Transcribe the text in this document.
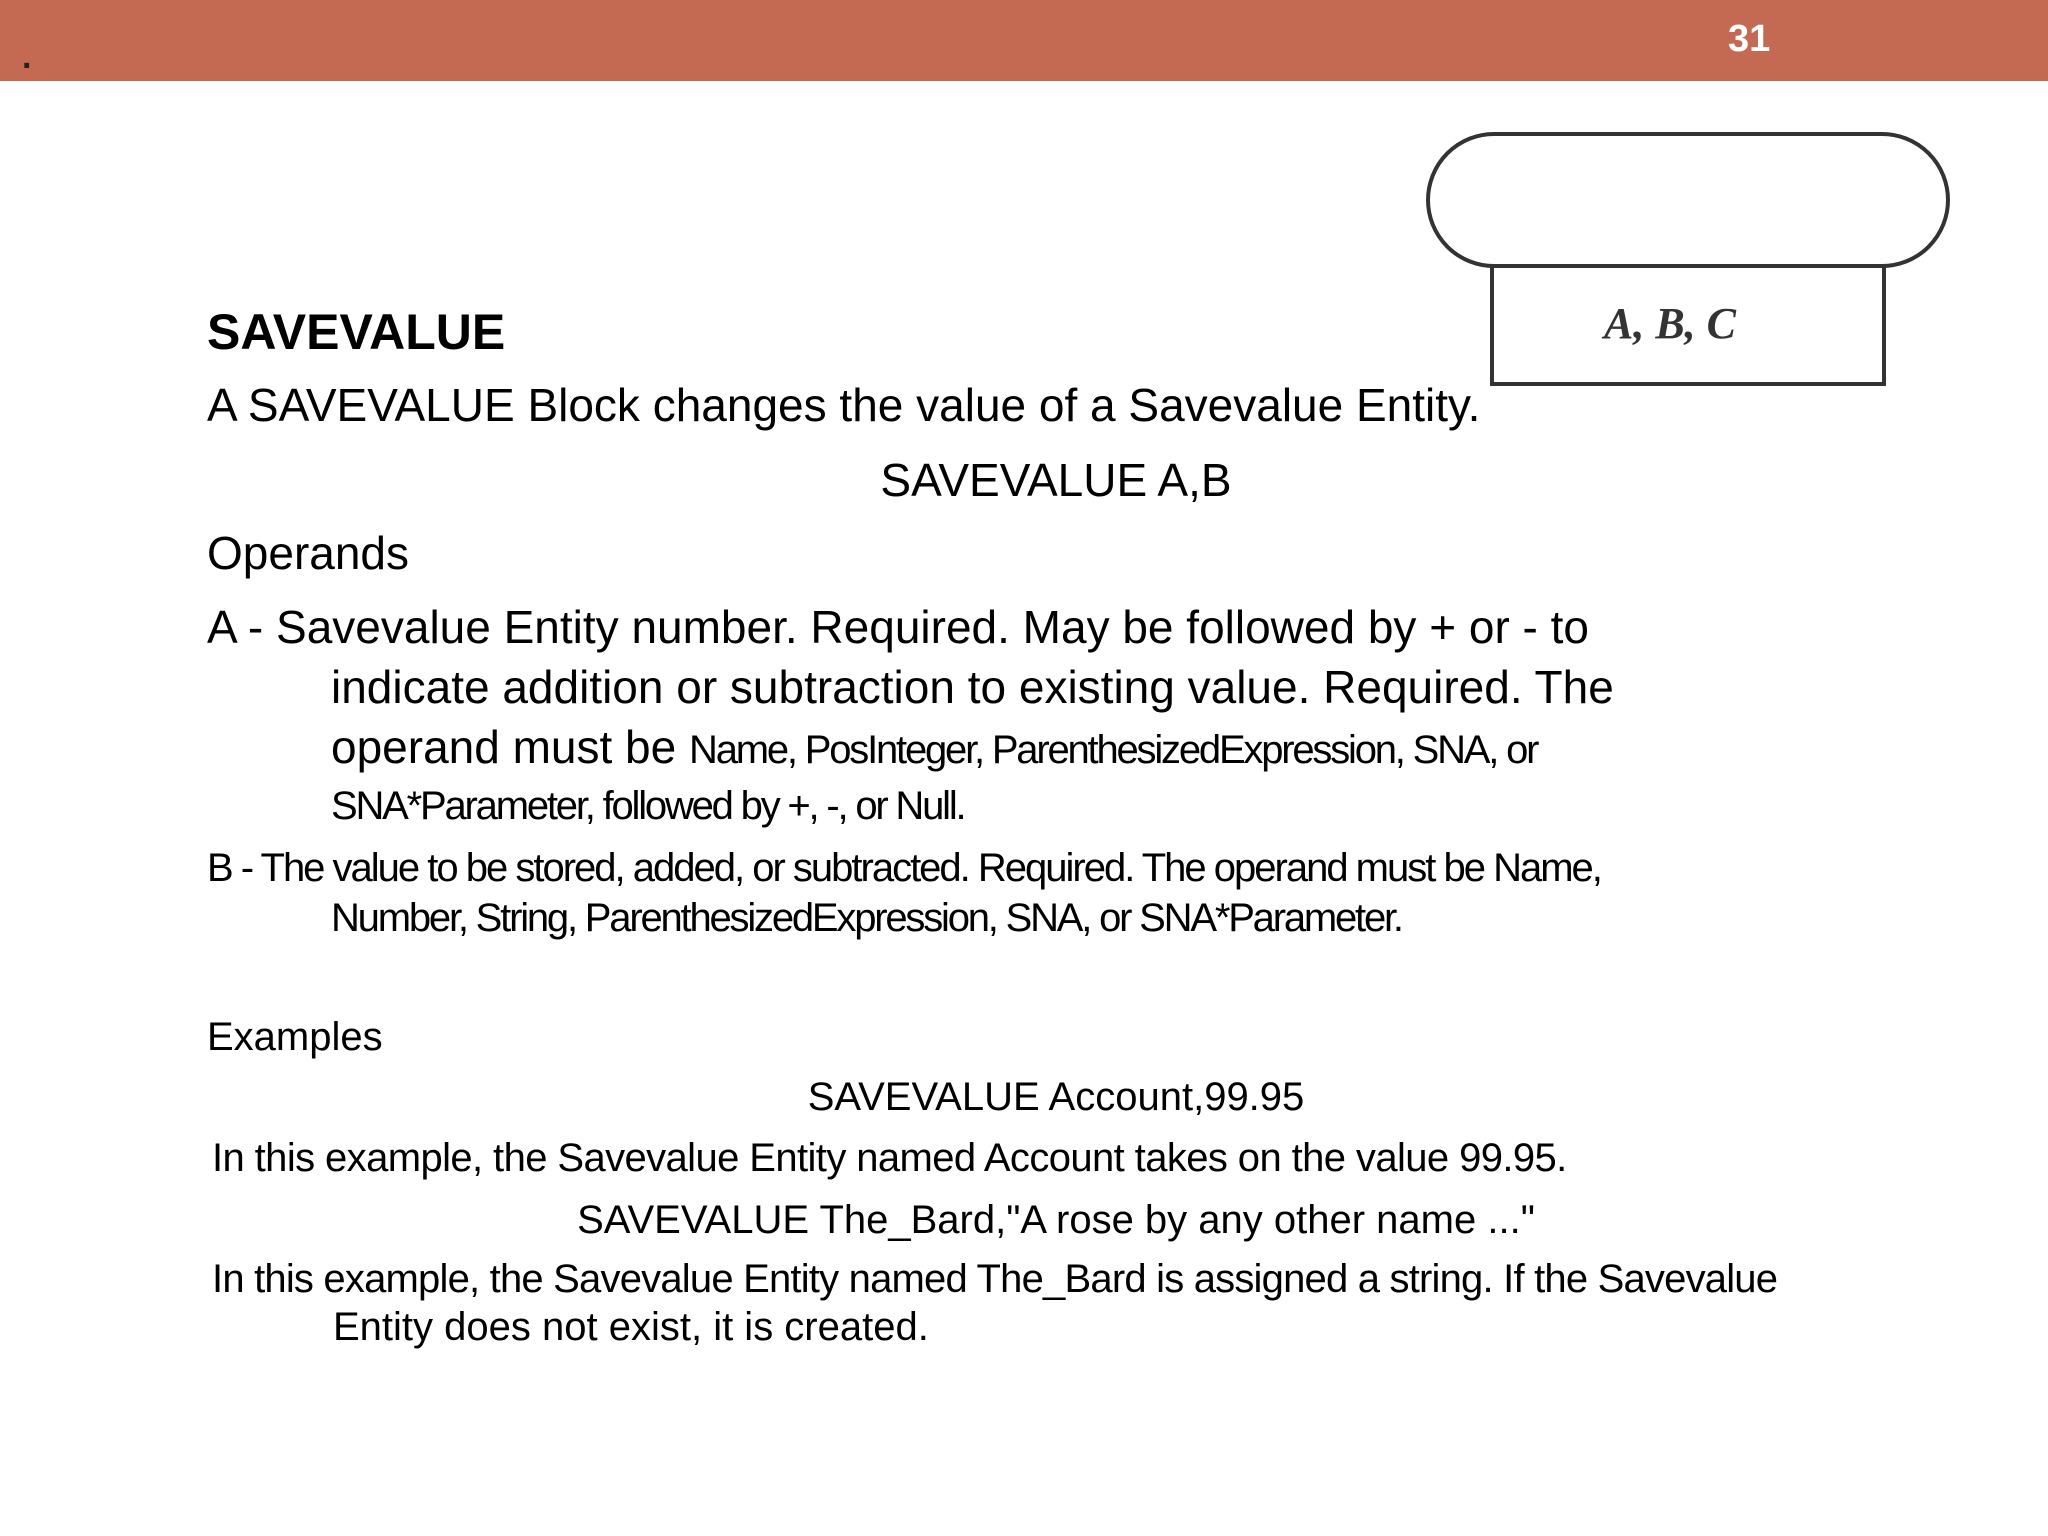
.	31
A, B, C
SAVEVALUE
A SAVEVALUE Block changes the value of a Savevalue Entity.
SAVEVALUE A,B
Operands
A - Savevalue Entity number. Required. May be followed by + or - to
indicate addition or subtraction to existing value. Required. The
operand must be Name, PosInteger, ParenthesizedExpression, SNA, or
SNA*Parameter, followed by +, -, or Null.
B - The value to be stored, added, or subtracted. Required. The operand must be Name,
Number, String, ParenthesizedExpression, SNA, or SNA*Parameter.
Examples
SAVEVALUE Account,99.95
In this example, the Savevalue Entity named Account takes on the value 99.95.
SAVEVALUE The_Bard,"A rose by any other name ..."
In this example, the Savevalue Entity named The_Bard is assigned a string. If the Savevalue
Entity does not exist, it is created.
